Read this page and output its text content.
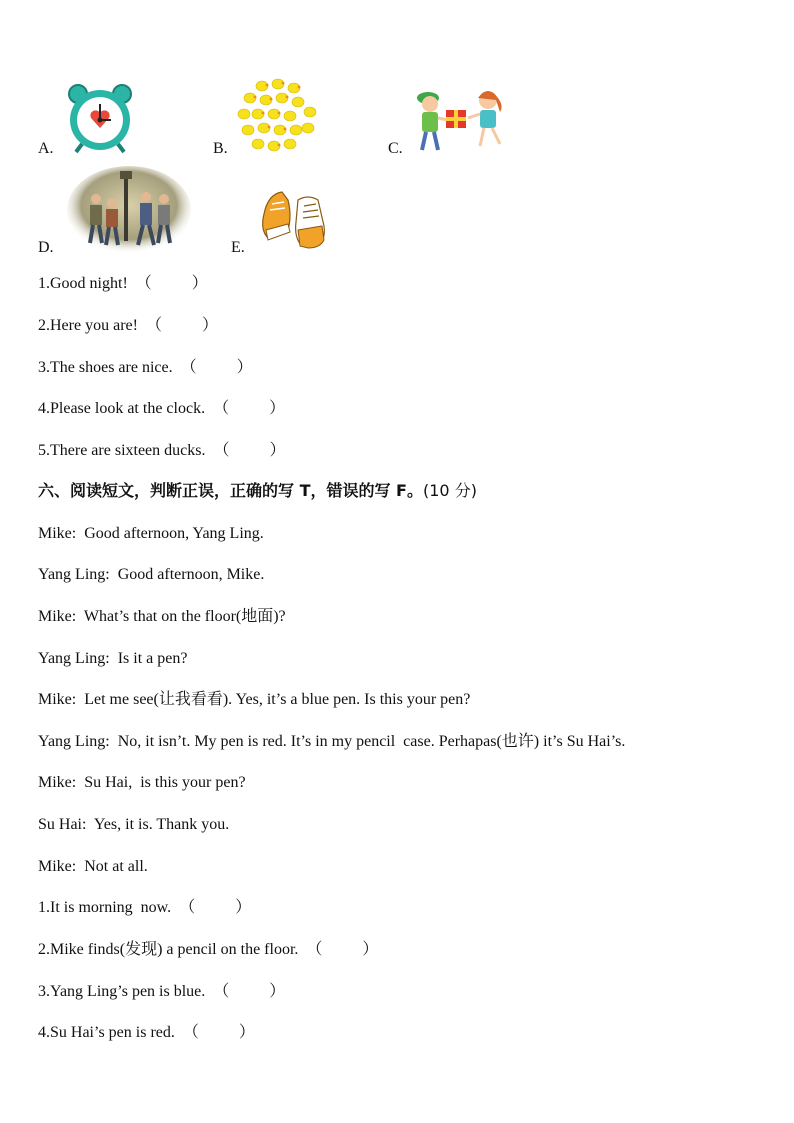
A.	B.	C.
D.	E.
1.Good night! （          ）
2.Here you are! （          ）
3.The shoes are nice. （          ）
4.Please look at the clock. （          ）
5.There are sixteen ducks. （          ）
六、阅读短文，判断正误，正确的写 T，错误的写 F。(10 分)
Mike:  Good afternoon, Yang Ling.
Yang Ling:  Good afternoon, Mike.
Mike:  What’s that on the floor(地面)?
Yang Ling:  Is it a pen?
Mike:  Let me see(让我看看). Yes, it’s a blue pen. Is this your pen?
Yang Ling:  No, it isn’t. My pen is red. It’s in my pencil  case. Perhapas(也许) it’s Su Hai’s.
Mike:  Su Hai,  is this your pen?
Su Hai:  Yes, it is. Thank you.
Mike:  Not at all.
1.It is morning  now. （          ）
2.Mike finds(发现) a pencil on the floor. （          ）
3.Yang Ling’s pen is blue. （          ）
4.Su Hai’s pen is red. （          ）
